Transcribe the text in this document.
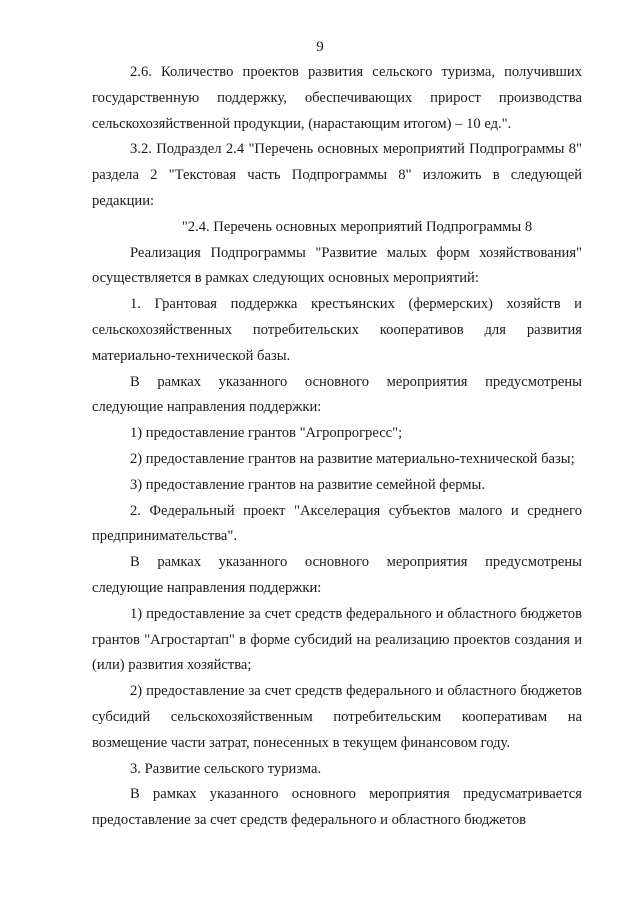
9

2.6. Количество проектов развития сельского туризма, получивших государственную поддержку, обеспечивающих прирост производства сельскохозяйственной продукции, (нарастающим итогом) – 10 ед.".

3.2. Подраздел 2.4 "Перечень основных мероприятий Подпрограммы 8" раздела 2 "Текстовая часть Подпрограммы 8" изложить в следующей редакции:

"2.4. Перечень основных мероприятий Подпрограммы 8

Реализация Подпрограммы "Развитие малых форм хозяйствования" осуществляется в рамках следующих основных мероприятий:

1. Грантовая поддержка крестьянских (фермерских) хозяйств и сельскохозяйственных потребительских кооперативов для развития материально-технической базы.

В рамках указанного основного мероприятия предусмотрены следующие направления поддержки:

1) предоставление грантов "Агропрогресс";

2) предоставление грантов на развитие материально-технической базы;

3) предоставление грантов на развитие семейной фермы.

2. Федеральный проект "Акселерация субъектов малого и среднего предпринимательства".

В рамках указанного основного мероприятия предусмотрены следующие направления поддержки:

1) предоставление за счет средств федерального и областного бюджетов грантов "Агростартап" в форме субсидий на реализацию проектов создания и (или) развития хозяйства;

2) предоставление за счет средств федерального и областного бюджетов субсидий сельскохозяйственным потребительским кооперативам на возмещение части затрат, понесенных в текущем финансовом году.

3. Развитие сельского туризма.

В рамках указанного основного мероприятия предусматривается предоставление за счет средств федерального и областного бюджетов
